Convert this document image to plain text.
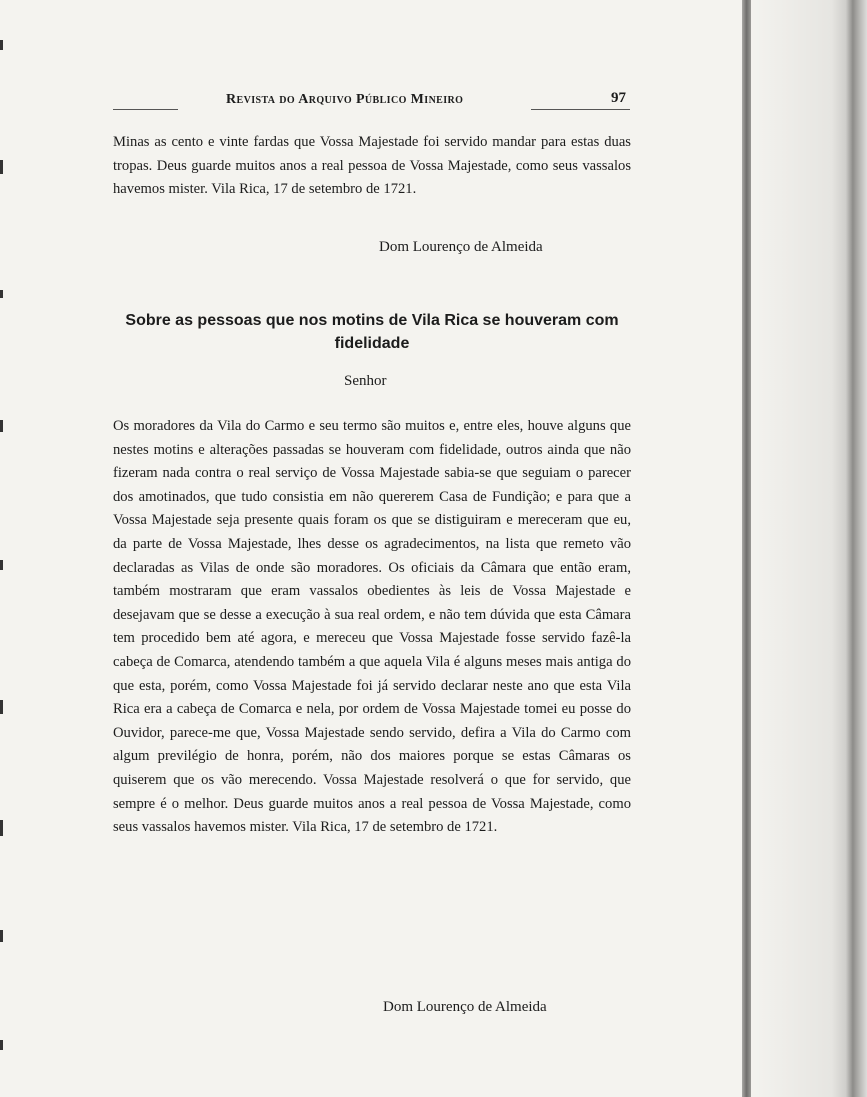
Revista do Arquivo Público Mineiro	97

Minas as cento e vinte fardas que Vossa Majestade foi servido mandar para estas duas tropas. Deus guarde muitos anos a real pessoa de Vossa Majestade, como seus vassalos havemos mister. Vila Rica, 17 de setembro de 1721.

Dom Lourenço de Almeida
Sobre as pessoas que nos motins de Vila Rica se houveram com fidelidade
Senhor

Os moradores da Vila do Carmo e seu termo são muitos e, entre eles, houve alguns que nestes motins e alterações passadas se houveram com fidelidade, outros ainda que não fizeram nada contra o real serviço de Vossa Majestade sabia-se que seguiam o parecer dos amotinados, que tudo consistia em não quererem Casa de Fundição; e para que a Vossa Majestade seja presente quais foram os que se distiguiram e mereceram que eu, da parte de Vossa Majestade, lhes desse os agradecimentos, na lista que remeto vão declaradas as Vilas de onde são moradores. Os oficiais da Câmara que então eram, também mostraram que eram vassalos obedientes às leis de Vossa Majestade e desejavam que se desse a execução à sua real ordem, e não tem dúvida que esta Câmara tem procedido bem até agora, e mereceu que Vossa Majestade fosse servido fazê-la cabeça de Comarca, atendendo também a que aquela Vila é alguns meses mais antiga do que esta, porém, como Vossa Majestade foi já servido declarar neste ano que esta Vila Rica era a cabeça de Comarca e nela, por ordem de Vossa Majestade tomei eu posse do Ouvidor, parece-me que, Vossa Majestade sendo servido, defira a Vila do Carmo com algum previlégio de honra, porém, não dos maiores porque se estas Câmaras os quiserem que os vão merecendo. Vossa Majestade resolverá o que for servido, que sempre é o melhor. Deus guarde muitos anos a real pessoa de Vossa Majestade, como seus vassalos havemos mister. Vila Rica, 17 de setembro de 1721.

Dom Lourenço de Almeida
